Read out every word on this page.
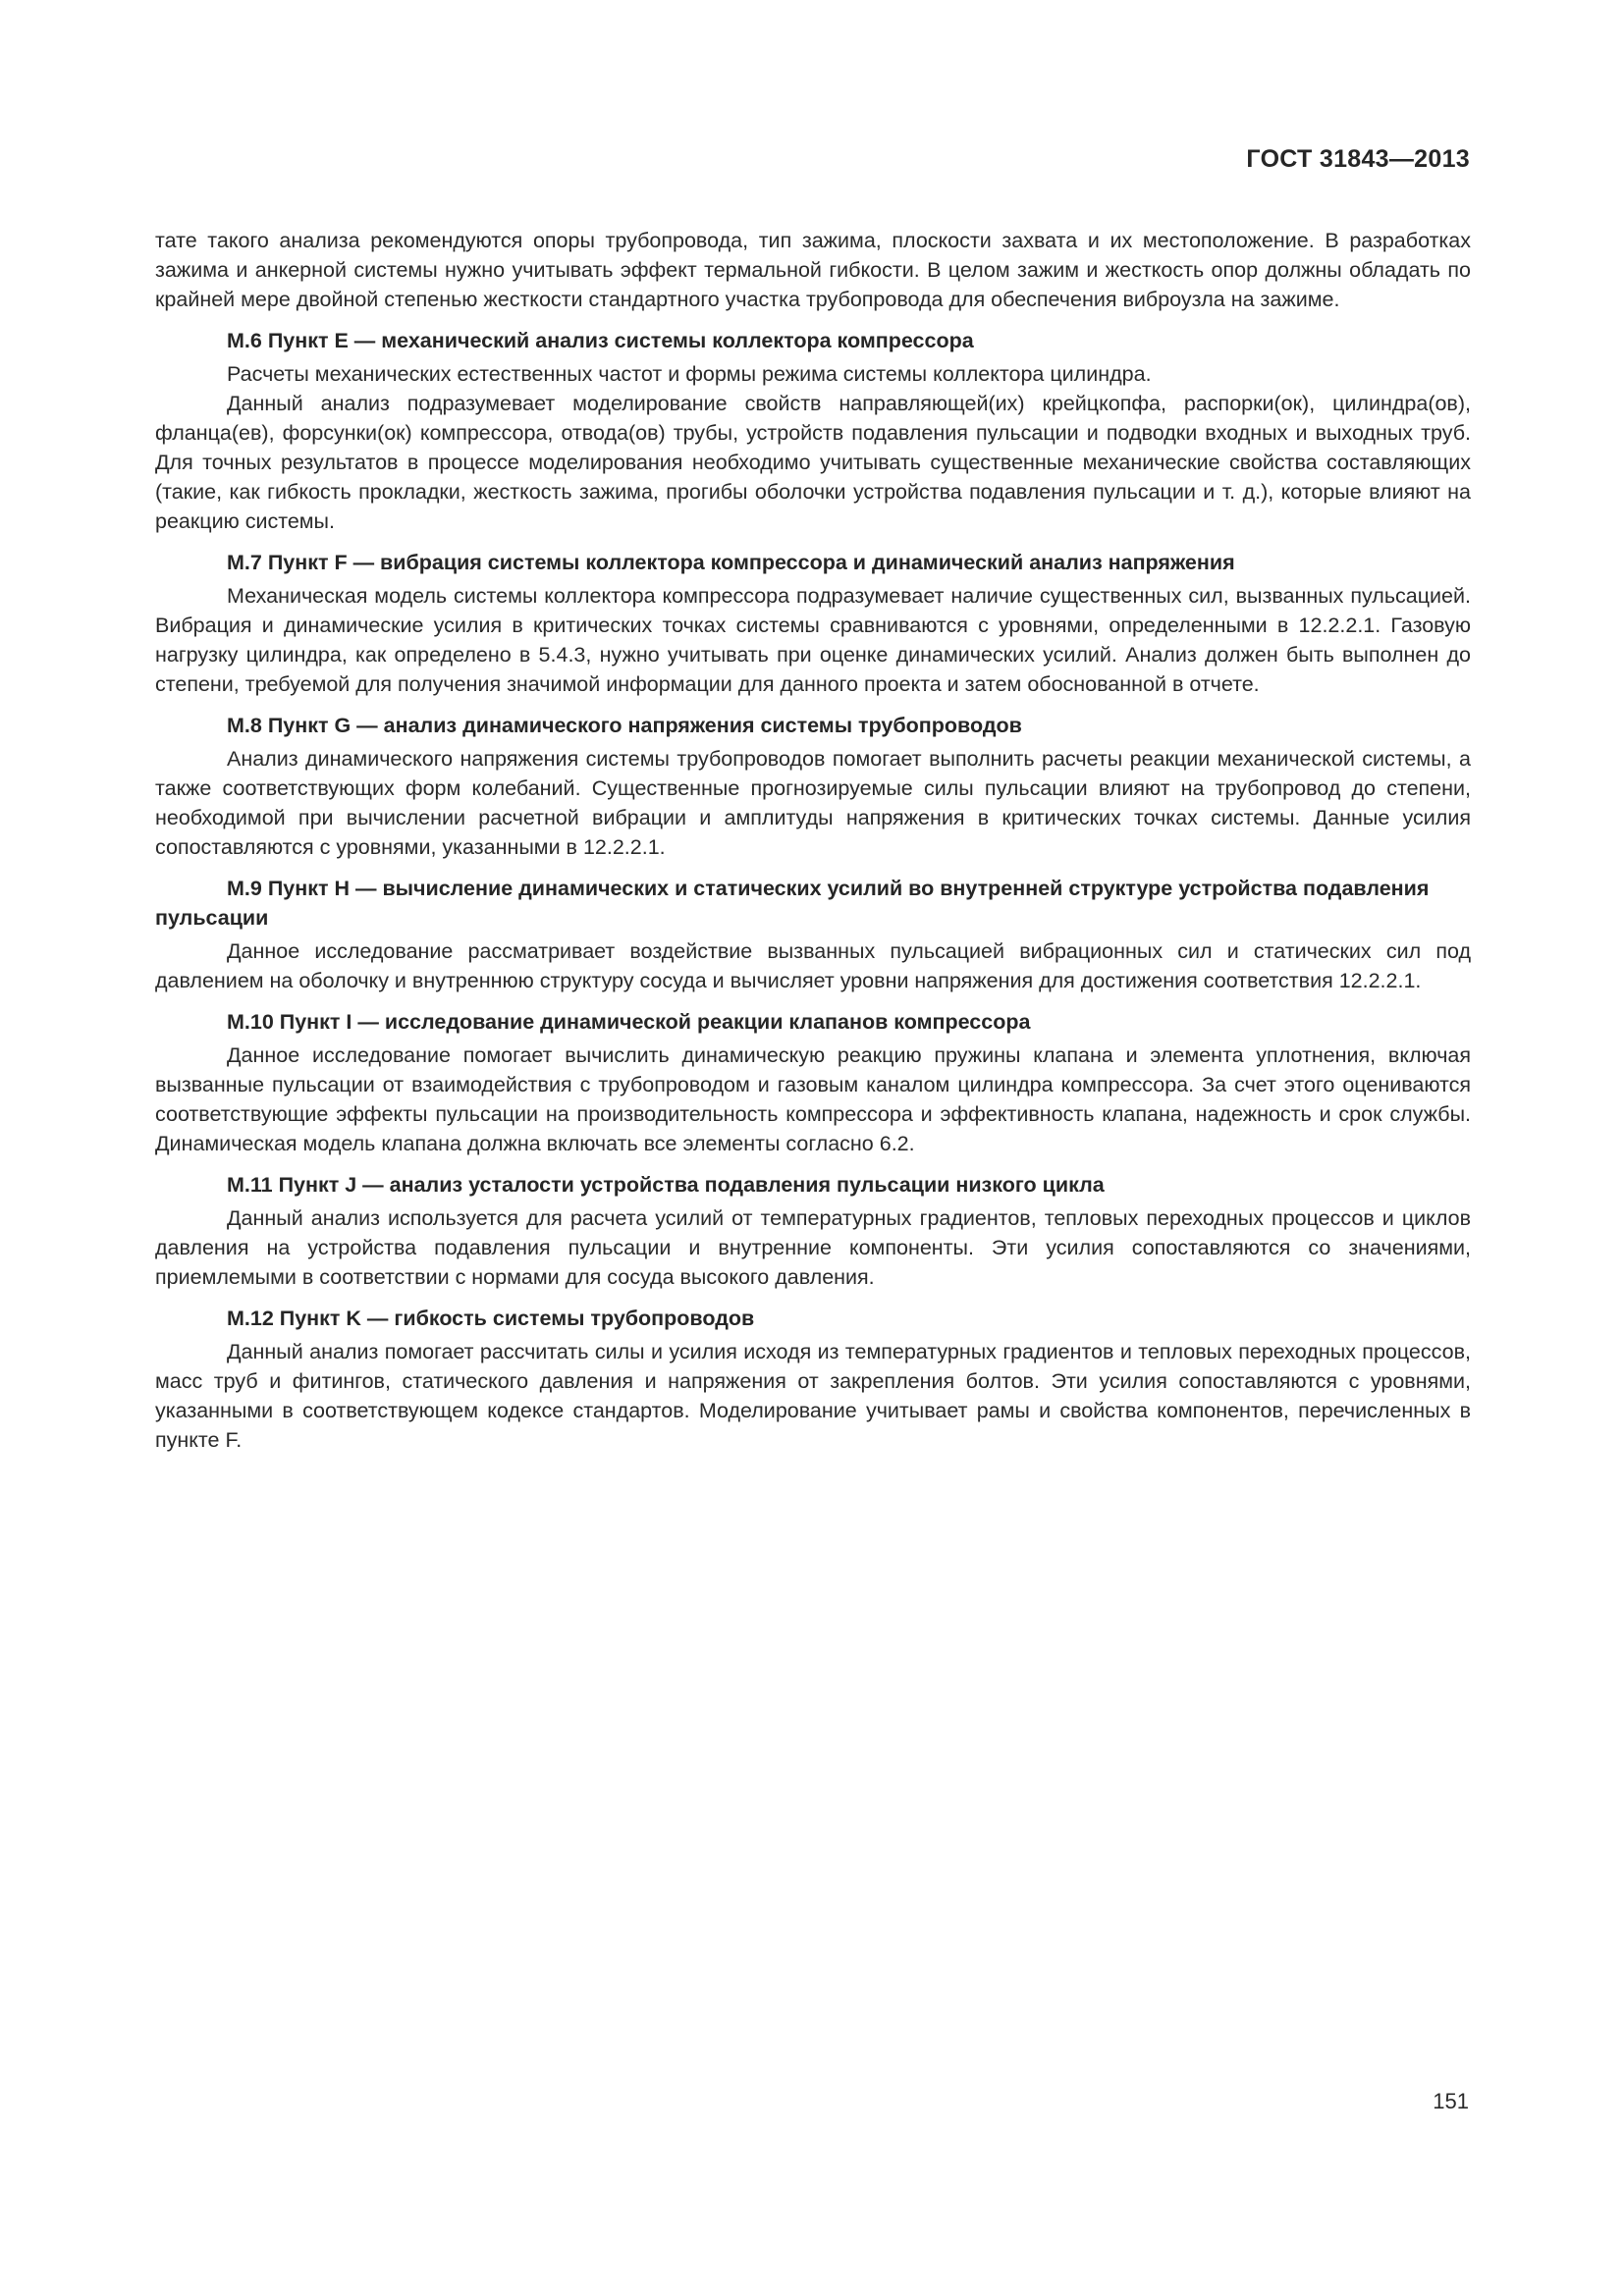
ГОСТ 31843—2013

тате такого анализа рекомендуются опоры трубопровода, тип зажима, плоскости захвата и их местоположение. В разработках зажима и анкерной системы нужно учитывать эффект термальной гибкости. В целом зажим и жесткость опор должны обладать по крайней мере двойной степенью жесткости стандартного участка трубопровода для обеспечения виброузла на зажиме.

М.6 Пункт Е — механический анализ системы коллектора компрессора

Расчеты механических естественных частот и формы режима системы коллектора цилиндра.

Данный анализ подразумевает моделирование свойств направляющей(их) крейцкопфа, распорки(ок), цилиндра(ов), фланца(ев), форсунки(ок) компрессора, отвода(ов) трубы, устройств подавления пульсации и подводки входных и выходных труб. Для точных результатов в процессе моделирования необходимо учитывать существенные механические свойства составляющих (такие, как гибкость прокладки, жесткость зажима, прогибы оболочки устройства подавления пульсации и т. д.), которые влияют на реакцию системы.

М.7 Пункт F — вибрация системы коллектора компрессора и динамический анализ напряжения

Механическая модель системы коллектора компрессора подразумевает наличие существенных сил, вызванных пульсацией. Вибрация и динамические усилия в критических точках системы сравниваются с уровнями, определенными в 12.2.2.1. Газовую нагрузку цилиндра, как определено в 5.4.3, нужно учитывать при оценке динамических усилий. Анализ должен быть выполнен до степени, требуемой для получения значимой информации для данного проекта и затем обоснованной в отчете.

М.8 Пункт G — анализ динамического напряжения системы трубопроводов

Анализ динамического напряжения системы трубопроводов помогает выполнить расчеты реакции механической системы, а также соответствующих форм колебаний. Существенные прогнозируемые силы пульсации влияют на трубопровод до степени, необходимой при вычислении расчетной вибрации и амплитуды напряжения в критических точках системы. Данные усилия сопоставляются с уровнями, указанными в 12.2.2.1.

М.9 Пункт Н — вычисление динамических и статических усилий во внутренней структуре устройства подавления пульсации

Данное исследование рассматривает воздействие вызванных пульсацией вибрационных сил и статических сил под давлением на оболочку и внутреннюю структуру сосуда и вычисляет уровни напряжения для достижения соответствия 12.2.2.1.

М.10 Пункт I — исследование динамической реакции клапанов компрессора

Данное исследование помогает вычислить динамическую реакцию пружины клапана и элемента уплотнения, включая вызванные пульсации от взаимодействия с трубопроводом и газовым каналом цилиндра компрессора. За счет этого оцениваются соответствующие эффекты пульсации на производительность компрессора и эффективность клапана, надежность и срок службы. Динамическая модель клапана должна включать все элементы согласно 6.2.

М.11 Пункт J — анализ усталости устройства подавления пульсации низкого цикла

Данный анализ используется для расчета усилий от температурных градиентов, тепловых переходных процессов и циклов давления на устройства подавления пульсации и внутренние компоненты. Эти усилия сопоставляются со значениями, приемлемыми в соответствии с нормами для сосуда высокого давления.

М.12 Пункт K — гибкость системы трубопроводов

Данный анализ помогает рассчитать силы и усилия исходя из температурных градиентов и тепловых переходных процессов, масс труб и фитингов, статического давления и напряжения от закрепления болтов. Эти усилия сопоставляются с уровнями, указанными в соответствующем кодексе стандартов. Моделирование учитывает рамы и свойства компонентов, перечисленных в пункте F.

151
